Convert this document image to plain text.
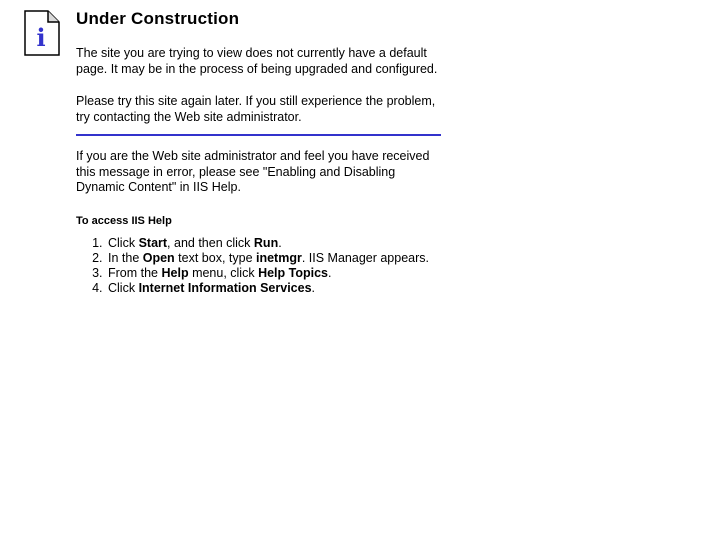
i
Under Construction

The site you are trying to view does not currently have a default page. It may be in the process of being upgraded and configured.

Please try this site again later. If you still experience the problem, try contacting the Web site administrator.

If you are the Web site administrator and feel you have received this message in error, please see "Enabling and Disabling Dynamic Content" in IIS Help.

To access IIS Help
1. Click Start, and then click Run.
2. In the Open text box, type inetmgr. IIS Manager appears.
3. From the Help menu, click Help Topics.
4. Click Internet Information Services.
